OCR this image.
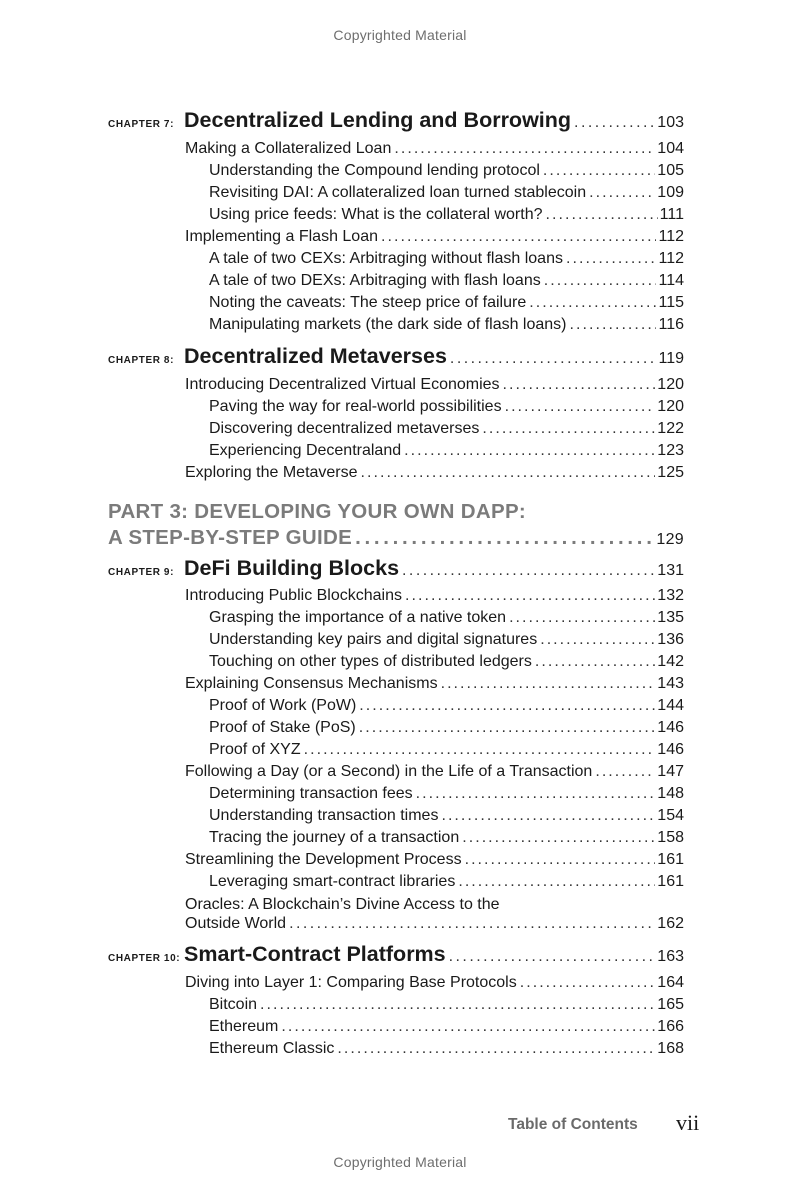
Copyrighted Material
CHAPTER 7: Decentralized Lending and Borrowing . . .	103
Making a Collateralized Loan . . .	104
Understanding the Compound lending protocol . . .	105
Revisiting DAI: A collateralized loan turned stablecoin . . .	109
Using price feeds: What is the collateral worth? . . .	111
Implementing a Flash Loan . . .	112
A tale of two CEXs: Arbitraging without flash loans . . .	112
A tale of two DEXs: Arbitraging with flash loans . . .	114
Noting the caveats: The steep price of failure . . .	115
Manipulating markets (the dark side of flash loans) . . .	116
CHAPTER 8: Decentralized Metaverses . . .	119
Introducing Decentralized Virtual Economies . . .	120
Paving the way for real-world possibilities . . .	120
Discovering decentralized metaverses . . .	122
Experiencing Decentraland . . .	123
Exploring the Metaverse . . .	125
PART 3: DEVELOPING YOUR OWN DAPP:
A STEP-BY-STEP GUIDE . . .	129
CHAPTER 9: DeFi Building Blocks . . .	131
Introducing Public Blockchains . . .	132
Grasping the importance of a native token . . .	135
Understanding key pairs and digital signatures . . .	136
Touching on other types of distributed ledgers . . .	142
Explaining Consensus Mechanisms . . .	143
Proof of Work (PoW) . . .	144
Proof of Stake (PoS) . . .	146
Proof of XYZ . . .	146
Following a Day (or a Second) in the Life of a Transaction . . .	147
Determining transaction fees . . .	148
Understanding transaction times . . .	154
Tracing the journey of a transaction . . .	158
Streamlining the Development Process . . .	161
Leveraging smart-contract libraries . . .	161
Oracles: A Blockchain’s Divine Access to the
Outside World . . .	162
CHAPTER 10: Smart-Contract Platforms . . .	163
Diving into Layer 1: Comparing Base Protocols . . .	164
Bitcoin . . .	165
Ethereum . . .	166
Ethereum Classic . . .	168
Table of Contents vii
Copyrighted Material
